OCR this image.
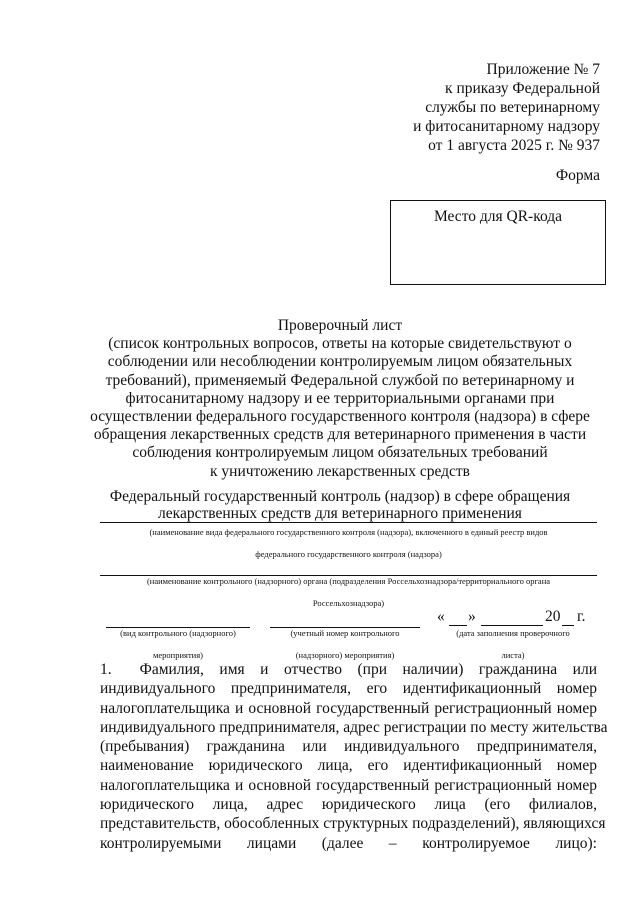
Приложение № 7
к приказу Федеральной
службы по ветеринарному
и фитосанитарному надзору
от 1 августа 2025 г. № 937
Форма
Место для QR-кода
Проверочный лист
(список контрольных вопросов, ответы на которые свидетельствуют о
соблюдении или несоблюдении контролируемым лицом обязательных
требований), применяемый Федеральной службой по ветеринарному и
фитосанитарному надзору и ее территориальными органами при
осуществлении федерального государственного контроля (надзора) в сфере
обращения лекарственных средств для ветеринарного применения в части
соблюдения контролируемым лицом обязательных требований
к уничтожению лекарственных средств
Федеральный государственный контроль (надзор) в сфере обращения
лекарственных средств для ветеринарного применения
(наименование вида федерального государственного контроля (надзора), включенного в единый реестр видов
федерального государственного контроля (надзора)
(наименование контрольного (надзорного) органа (подразделения Россельхознадзора/территориального органа
Россельхознадзора)
(вид контрольного (надзорного)
мероприятия)
(учетный номер контрольного
(надзорного) мероприятия)
« »	20 г.
(дата заполнения проверочного
листа)
1. Фамилия, имя и отчество (при наличии) гражданина или
индивидуального предпринимателя, его идентификационный номер
налогоплательщика и основной государственный регистрационный номер
индивидуального предпринимателя, адрес регистрации по месту жительства
(пребывания) гражданина или индивидуального предпринимателя,
наименование юридического лица, его идентификационный номер
налогоплательщика и основной государственный регистрационный номер
юридического лица, адрес юридического лица (его филиалов,
представительств, обособленных структурных подразделений), являющихся
контролируемыми лицами (далее – контролируемое лицо):
